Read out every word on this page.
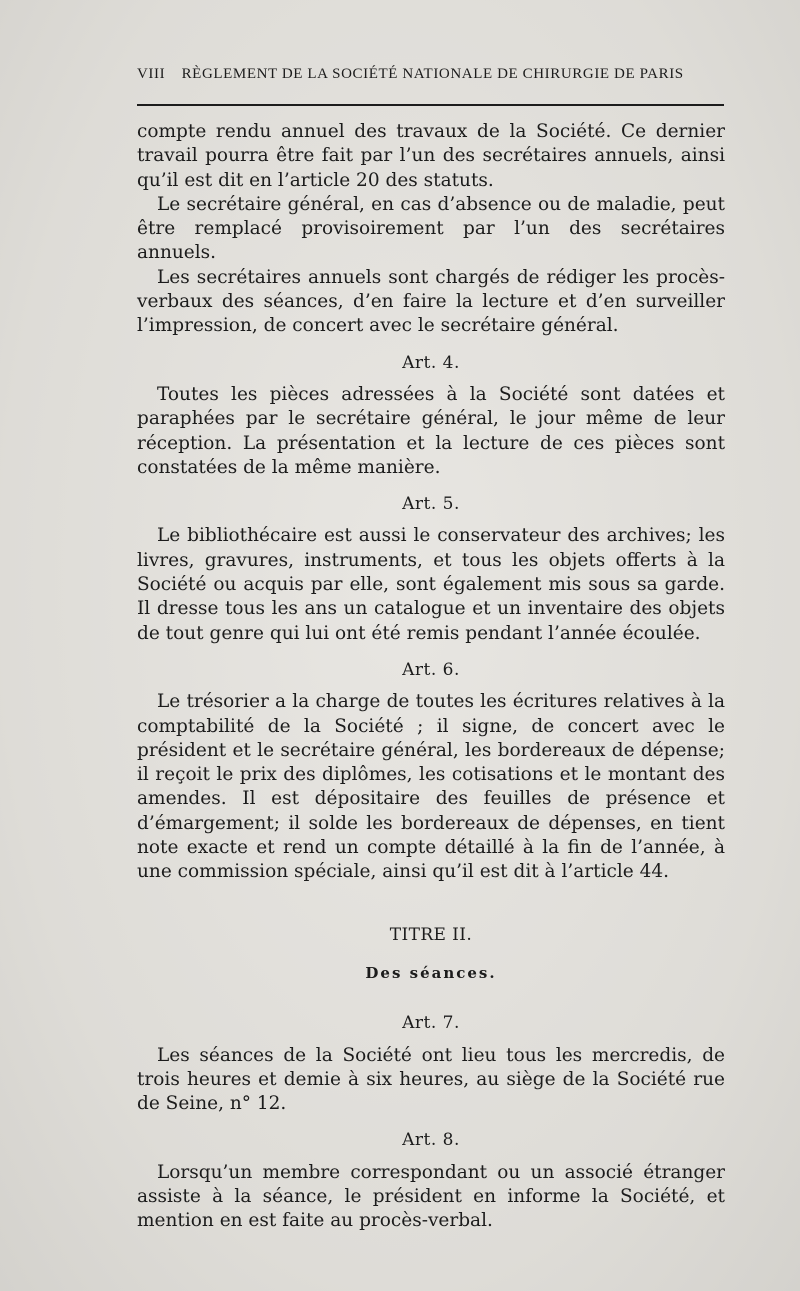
VIII RÈGLEMENT DE LA SOCIÉTÉ NATIONALE DE CHIRURGIE DE PARIS

compte rendu annuel des travaux de la Société. Ce dernier travail pourra être fait par l’un des secrétaires annuels, ainsi qu’il est dit en l’article 20 des statuts.

Le secrétaire général, en cas d’absence ou de maladie, peut être remplacé provisoirement par l’un des secrétaires annuels.

Les secrétaires annuels sont chargés de rédiger les procès-verbaux des séances, d’en faire la lecture et d’en surveiller l’impression, de concert avec le secrétaire général.

Art. 4.

Toutes les pièces adressées à la Société sont datées et paraphées par le secrétaire général, le jour même de leur réception. La présentation et la lecture de ces pièces sont constatées de la même manière.

Art. 5.

Le bibliothécaire est aussi le conservateur des archives; les livres, gravures, instruments, et tous les objets offerts à la Société ou acquis par elle, sont également mis sous sa garde. Il dresse tous les ans un catalogue et un inventaire des objets de tout genre qui lui ont été remis pendant l’année écoulée.

Art. 6.

Le trésorier a la charge de toutes les écritures relatives à la comptabilité de la Société ; il signe, de concert avec le président et le secrétaire général, les bordereaux de dépense; il reçoit le prix des diplômes, les cotisations et le montant des amendes. Il est dépositaire des feuilles de présence et d’émargement; il solde les bordereaux de dépenses, en tient note exacte et rend un compte détaillé à la fin de l’année, à une commission spéciale, ainsi qu’il est dit à l’article 44.

TITRE II.
Des séances.
Art. 7.

Les séances de la Société ont lieu tous les mercredis, de trois heures et demie à six heures, au siège de la Société rue de Seine, n° 12.

Art. 8.

Lorsqu’un membre correspondant ou un associé étranger assiste à la séance, le président en informe la Société, et mention en est faite au procès-verbal.
